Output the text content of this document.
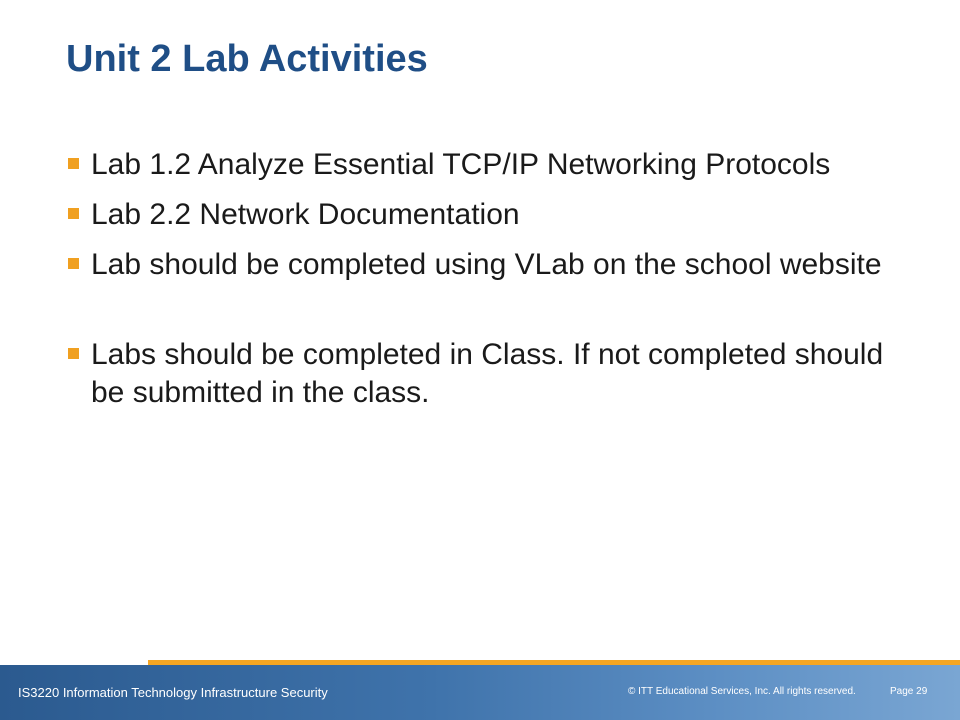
Unit 2 Lab Activities
Lab 1.2 Analyze Essential TCP/IP Networking Protocols
Lab 2.2 Network Documentation
Lab should be completed using VLab on the school website
Labs should be completed in Class. If not completed should be submitted in the class.
IS3220 Information Technology Infrastructure Security	© ITT Educational Services, Inc. All rights reserved.	Page 29
